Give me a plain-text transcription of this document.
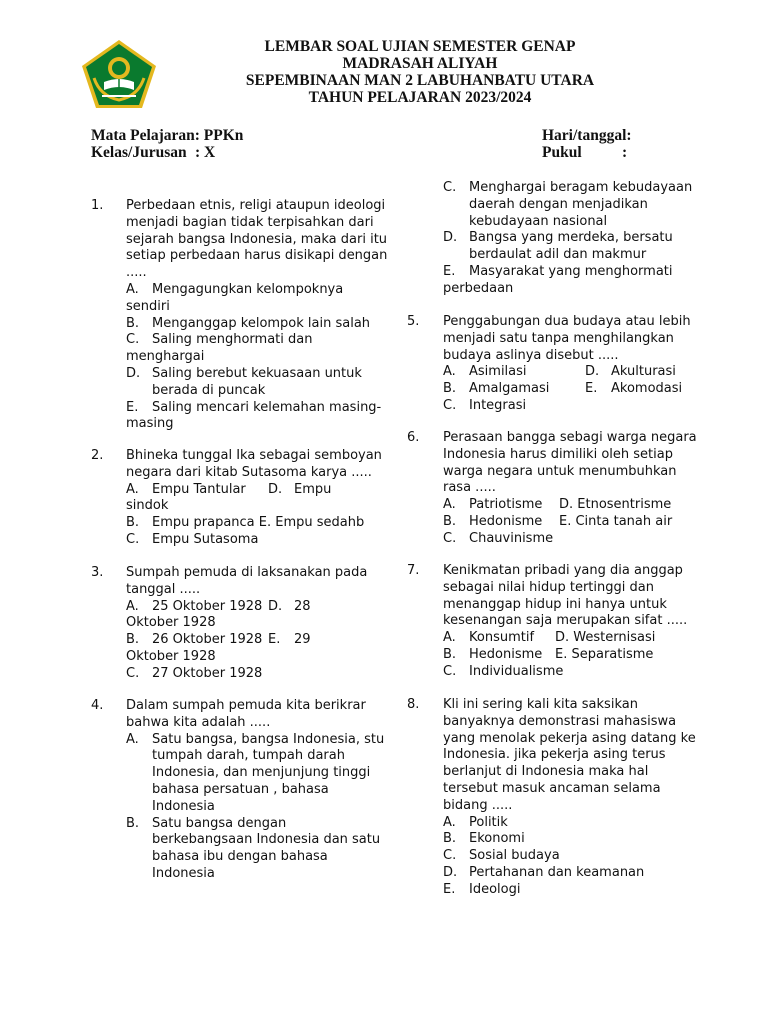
LEMBAR SOAL UJIAN SEMESTER GENAP
MADRASAH ALIYAH
SEPEMBINAAN MAN 2 LABUHANBATU UTARA
TAHUN PELAJARAN 2023/2024
Mata Pelajaran: PPKn
Kelas/Jurusan : X
Hari/tanggal:
Pukul	:
1. Perbedaan etnis, religi ataupun ideologi
menjadi bagian tidak terpisahkan dari
sejarah bangsa Indonesia, maka dari itu
setiap perbedaan harus disikapi dengan
.....
A. Mengagungkan kelompoknya
sendiri
B. Menganggap kelompok lain salah
C. Saling menghormati dan
menghargai
D. Saling berebut kekuasaan untuk
berada di puncak
E. Saling mencari kelemahan masing-
masing
2. Bhineka tunggal Ika sebagai semboyan
negara dari kitab Sutasoma karya .....
A. Empu Tantular D. Empu
sindok
B. Empu prapanca E. Empu sedahb
C. Empu Sutasoma
3. Sumpah pemuda di laksanakan pada
tanggal .....
A. 25 Oktober 1928 D. 28
Oktober 1928
B. 26 Oktober 1928 E. 29
Oktober 1928
C. 27 Oktober 1928
4. Dalam sumpah pemuda kita berikrar
bahwa kita adalah .....
A. Satu bangsa, bangsa Indonesia, stu
tumpah darah, tumpah darah
Indonesia, dan menjunjung tinggi
bahasa persatuan , bahasa
Indonesia
B. Satu bangsa dengan
berkebangsaan Indonesia dan satu
bahasa ibu dengan bahasa
Indonesia
C. Menghargai beragam kebudayaan
daerah dengan menjadikan
kebudayaan nasional
D. Bangsa yang merdeka, bersatu
berdaulat adil dan makmur
E. Masyarakat yang menghormati
perbedaan
5. Penggabungan dua budaya atau lebih
menjadi satu tanpa menghilangkan
budaya aslinya disebut .....
A. Asimilasi	D. Akulturasi
B. Amalgamasi	E. Akomodasi
C. Integrasi
6. Perasaan bangga sebagi warga negara
Indonesia harus dimiliki oleh setiap
warga negara untuk menumbuhkan
rasa .....
A. Patriotisme D. Etnosentrisme
B. Hedonisme E. Cinta tanah air
C. Chauvinisme
7. Kenikmatan pribadi yang dia anggap
sebagai nilai hidup tertinggi dan
menanggap hidup ini hanya untuk
kesenangan saja merupakan sifat .....
A. Konsumtif D. Westernisasi
B. Hedonisme E. Separatisme
C. Individualisme
8. Kli ini sering kali kita saksikan
banyaknya demonstrasi mahasiswa
yang menolak pekerja asing datang ke
Indonesia. jika pekerja asing terus
berlanjut di Indonesia maka hal
tersebut masuk ancaman selama
bidang .....
A. Politik
B. Ekonomi
C. Sosial budaya
D. Pertahanan dan keamanan
E. Ideologi
